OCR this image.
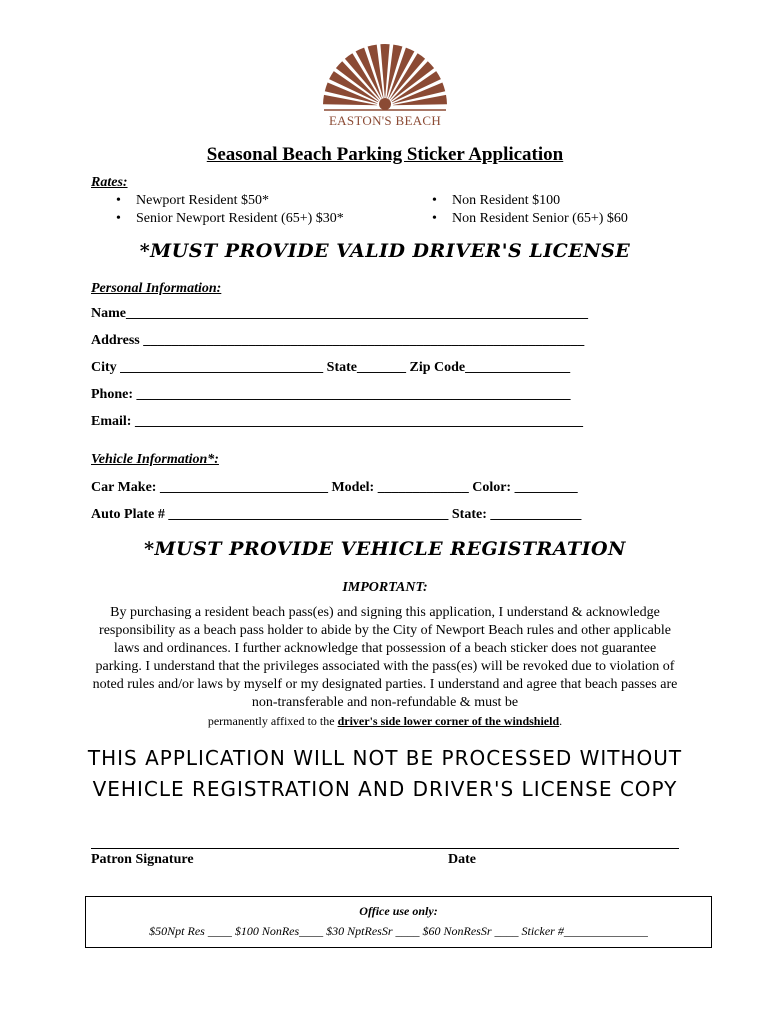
EASTON'S BEACH
Seasonal Beach Parking Sticker Application
Rates:
• Newport Resident $50*
• Senior Newport Resident (65+) $30*
• Non Resident $100
• Non Resident Senior (65+) $60
*MUST PROVIDE VALID DRIVER'S LICENSE
Personal Information:
Name__________________________________________________________________
Address _______________________________________________________________
City _____________________________ State_______ Zip Code_______________
Phone: ______________________________________________________________
Email: ________________________________________________________________
Vehicle Information*:
Car Make: ________________________ Model: _____________ Color: _________
Auto Plate # ________________________________________ State: _____________
*MUST PROVIDE VEHICLE REGISTRATION
IMPORTANT:
By purchasing a resident beach pass(es) and signing this application, I understand & acknowledge responsibility as a beach pass holder to abide by the City of Newport Beach rules and other applicable laws and ordinances. I further acknowledge that possession of a beach sticker does not guarantee parking. I understand that the privileges associated with the pass(es) will be revoked due to violation of noted rules and/or laws by myself or my designated parties. I understand and agree that beach passes are non-transferable and non-refundable & must be
permanently affixed to the driver's side lower corner of the windshield.
THIS APPLICATION WILL NOT BE PROCESSED WITHOUT
VEHICLE REGISTRATION AND DRIVER'S LICENSE COPY
Patron Signature	Date
Office use only:
$50Npt Res ____ $100 NonRes____ $30 NptResSr ____ $60 NonResSr ____ Sticker #______________
